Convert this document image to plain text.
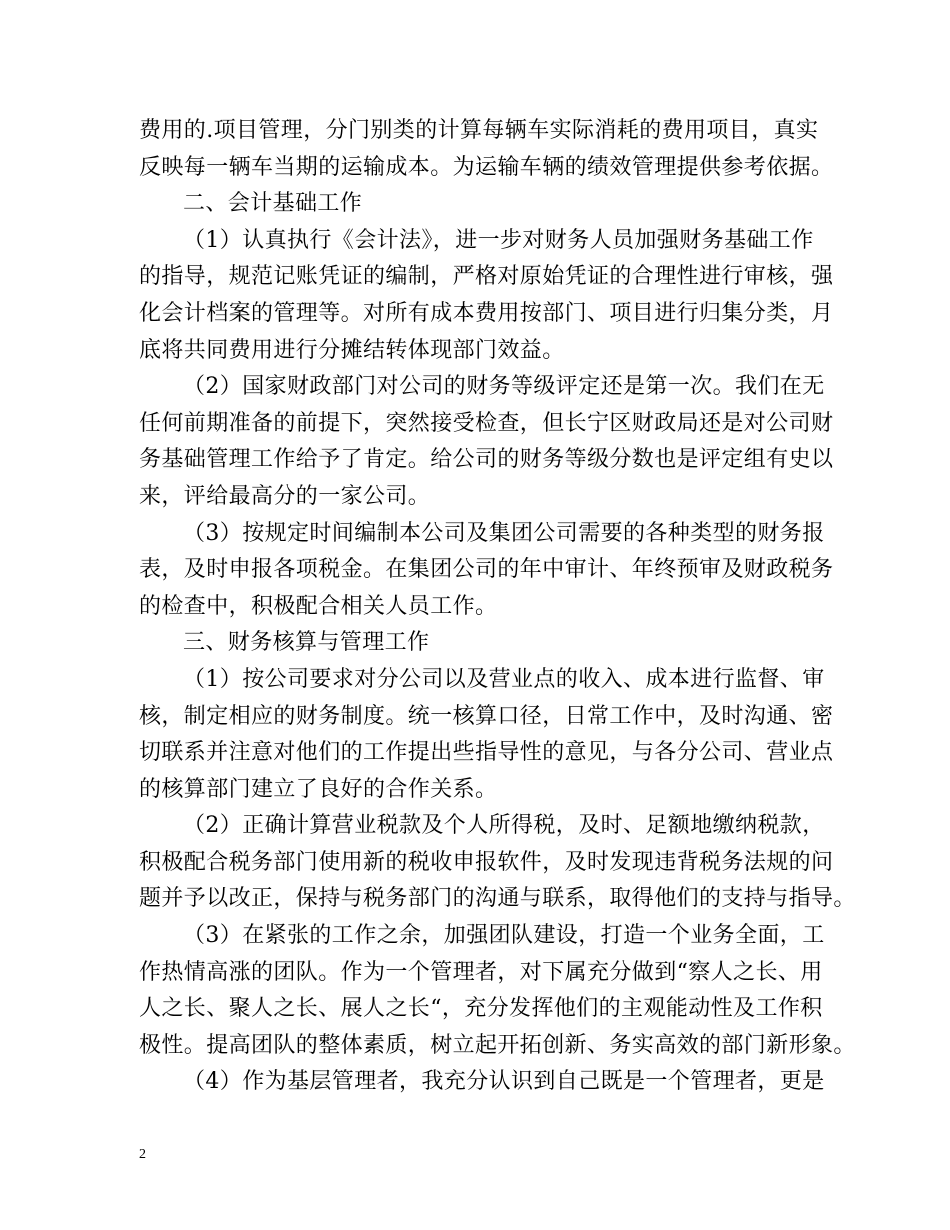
费用的.项目管理，分门别类的计算每辆车实际消耗的费用项目，真实
反映每一辆车当期的运输成本。为运输车辆的绩效管理提供参考依据。

二、会计基础工作

（1）认真执行《会计法》，进一步对财务人员加强财务基础工作
的指导，规范记账凭证的编制，严格对原始凭证的合理性进行审核，强
化会计档案的管理等。对所有成本费用按部门、项目进行归集分类，月
底将共同费用进行分摊结转体现部门效益。

（2）国家财政部门对公司的财务等级评定还是第一次。我们在无
任何前期准备的前提下，突然接受检查，但长宁区财政局还是对公司财
务基础管理工作给予了肯定。给公司的财务等级分数也是评定组有史以
来，评给最高分的一家公司。

（3）按规定时间编制本公司及集团公司需要的各种类型的财务报
表，及时申报各项税金。在集团公司的年中审计、年终预审及财政税务
的检查中，积极配合相关人员工作。

三、财务核算与管理工作

（1）按公司要求对分公司以及营业点的收入、成本进行监督、审
核，制定相应的财务制度。统一核算口径，日常工作中，及时沟通、密
切联系并注意对他们的工作提出些指导性的意见，与各分公司、营业点
的核算部门建立了良好的合作关系。

（2）正确计算营业税款及个人所得税，及时、足额地缴纳税款，
积极配合税务部门使用新的税收申报软件，及时发现违背税务法规的问
题并予以改正，保持与税务部门的沟通与联系，取得他们的支持与指导。

（3）在紧张的工作之余，加强团队建设，打造一个业务全面，工
作热情高涨的团队。作为一个管理者，对下属充分做到“察人之长、用
人之长、聚人之长、展人之长“，充分发挥他们的主观能动性及工作积
极性。提高团队的整体素质，树立起开拓创新、务实高效的部门新形象。

（4）作为基层管理者，我充分认识到自己既是一个管理者，更是

2
